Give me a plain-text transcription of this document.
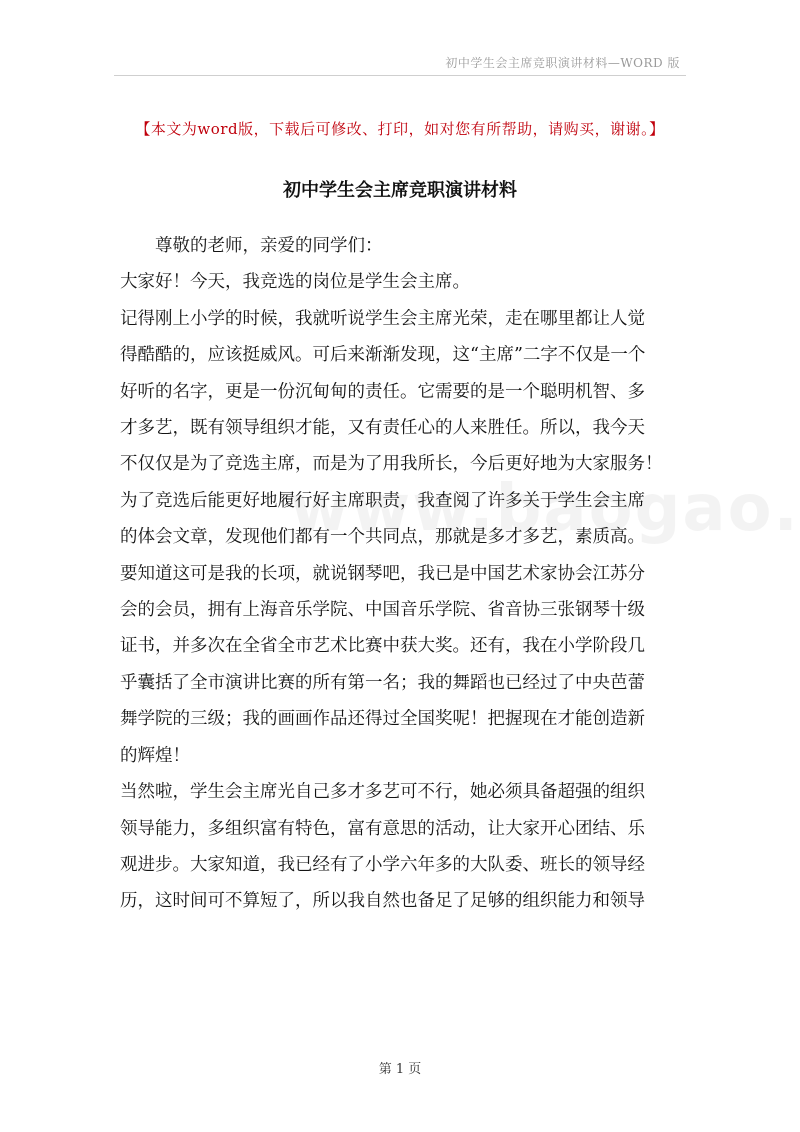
初中学生会主席竞职演讲材料—WORD 版
【本文为word版，下载后可修改、打印，如对您有所帮助，请购买，谢谢。】
初中学生会主席竞职演讲材料

尊敬的老师，亲爱的同学们：

大家好！今天，我竞选的岗位是学生会主席。

记得刚上小学的时候，我就听说学生会主席光荣，走在哪里都让人觉

得酷酷的，应该挺威风。可后来渐渐发现，这“主席”二字不仅是一个

好听的名字，更是一份沉甸甸的责任。它需要的是一个聪明机智、多

才多艺，既有领导组织才能，又有责任心的人来胜任。所以，我今天

不仅仅是为了竞选主席，而是为了用我所长，今后更好地为大家服务！

为了竞选后能更好地履行好主席职责，我查阅了许多关于学生会主席

的体会文章，发现他们都有一个共同点，那就是多才多艺，素质高。

要知道这可是我的长项，就说钢琴吧，我已是中国艺术家协会江苏分

会的会员，拥有上海音乐学院、中国音乐学院、省音协三张钢琴十级

证书，并多次在全省全市艺术比赛中获大奖。还有，我在小学阶段几

乎囊括了全市演讲比赛的所有第一名；我的舞蹈也已经过了中央芭蕾

舞学院的三级；我的画画作品还得过全国奖呢！把握现在才能创造新

的辉煌！

当然啦，学生会主席光自己多才多艺可不行，她必须具备超强的组织

领导能力，多组织富有特色，富有意思的活动，让大家开心团结、乐

观进步。大家知道，我已经有了小学六年多的大队委、班长的领导经

历，这时间可不算短了，所以我自然也备足了足够的组织能力和领导

第 1 页
